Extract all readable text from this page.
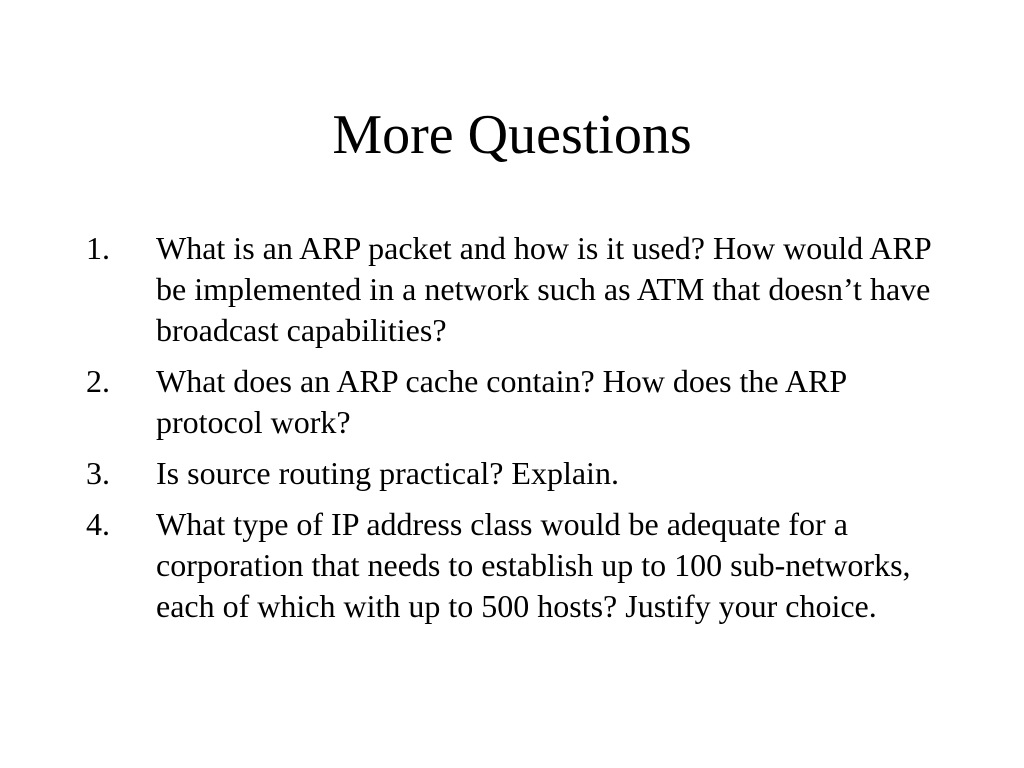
More Questions
1.	What is an ARP packet and how is it used? How would ARP be implemented in a network such as ATM that doesn’t have broadcast capabilities?
2.	What does an ARP cache contain? How does the ARP protocol work?
3.	Is source routing practical? Explain.
4.	What type of IP address class would be adequate for a corporation that needs to establish up to 100 sub-networks, each of which with up to 500 hosts? Justify your choice.
